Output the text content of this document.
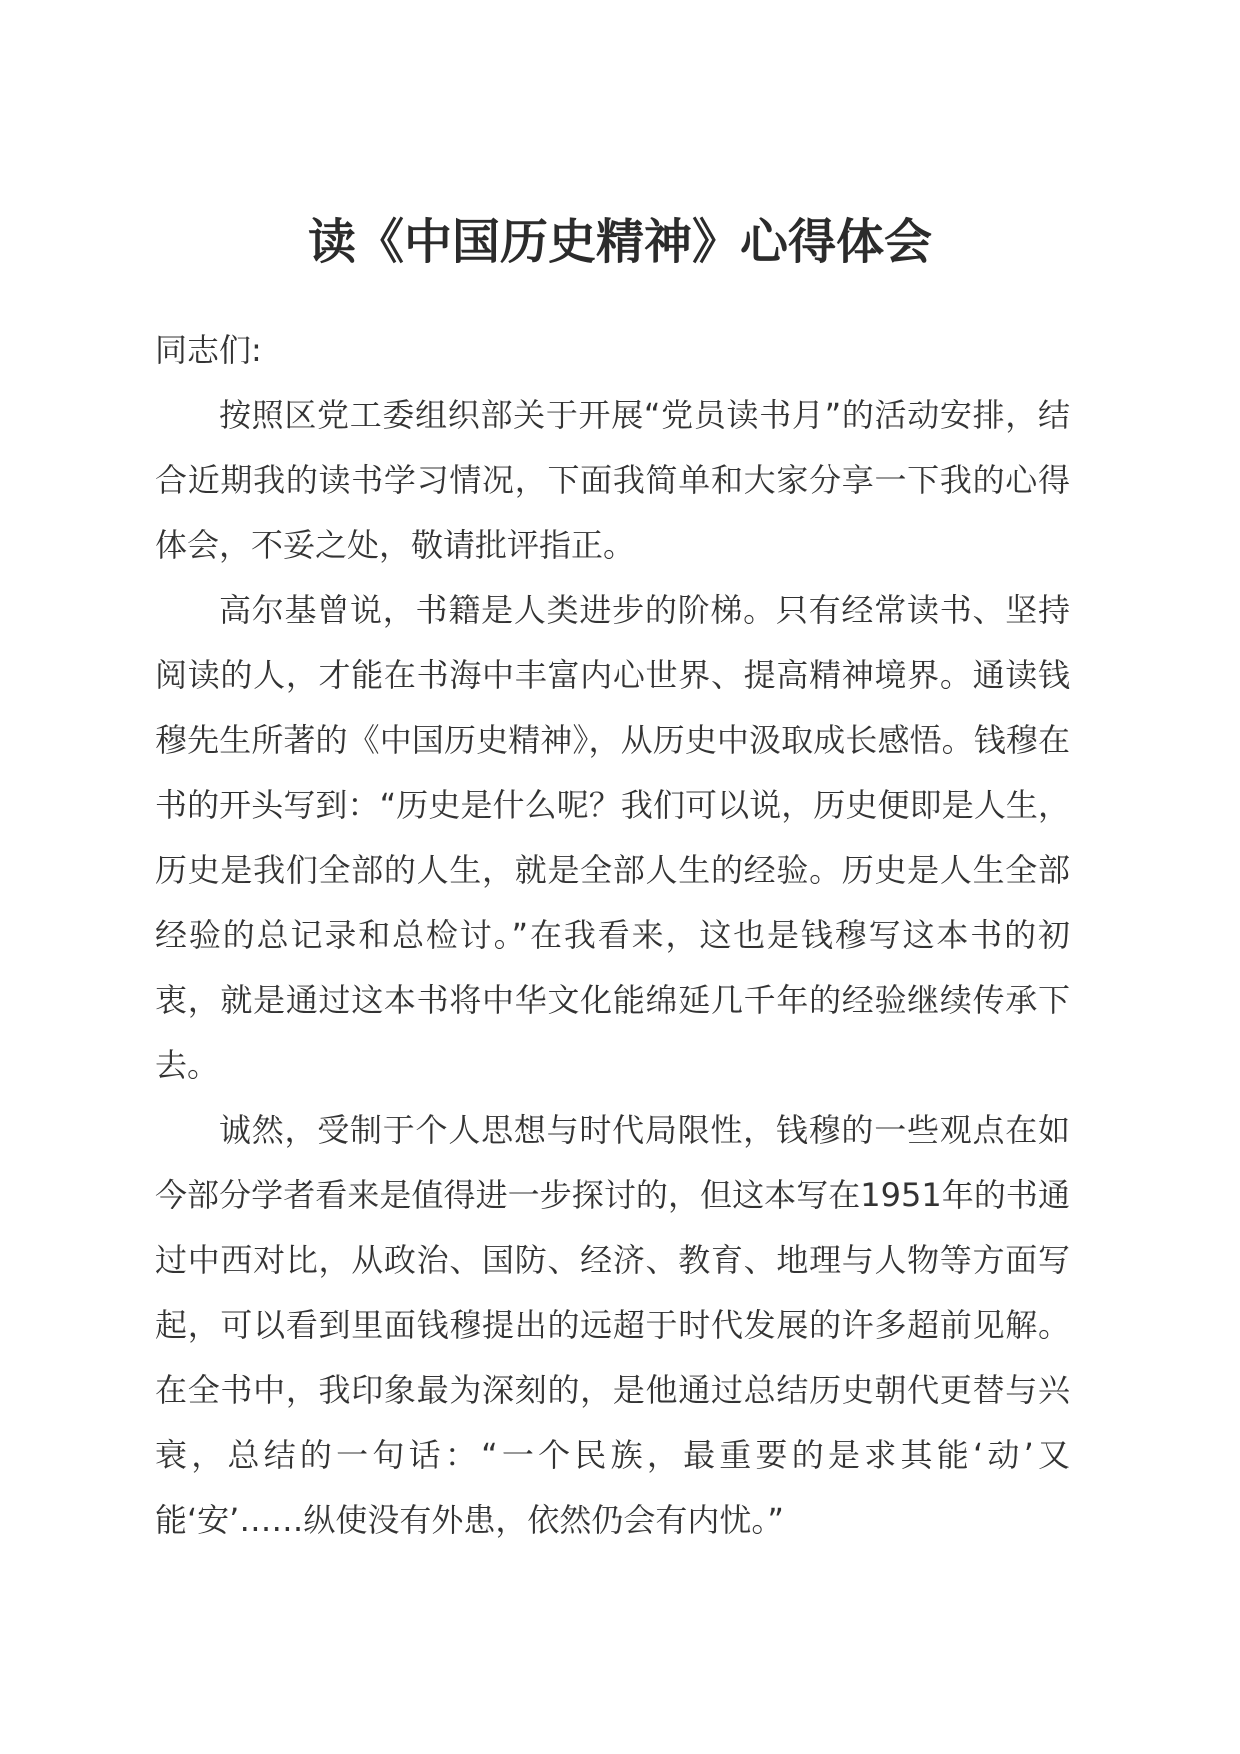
读《中国历史精神》心得体会

同志们:

按照区党工委组织部关于开展“党员读书月”的活动安排，结合近期我的读书学习情况，下面我简单和大家分享一下我的心得体会，不妥之处，敬请批评指正。

高尔基曾说，书籍是人类进步的阶梯。只有经常读书、坚持阅读的人，才能在书海中丰富内心世界、提高精神境界。通读钱穆先生所著的《中国历史精神》，从历史中汲取成长感悟。钱穆在书的开头写到：“历史是什么呢？我们可以说，历史便即是人生，历史是我们全部的人生，就是全部人生的经验。历史是人生全部经验的总记录和总检讨。”在我看来，这也是钱穆写这本书的初衷，就是通过这本书将中华文化能绵延几千年的经验继续传承下去。

诚然，受制于个人思想与时代局限性，钱穆的一些观点在如今部分学者看来是值得进一步探讨的，但这本写在1951年的书通过中西对比，从政治、国防、经济、教育、地理与人物等方面写起，可以看到里面钱穆提出的远超于时代发展的许多超前见解。在全书中，我印象最为深刻的，是他通过总结历史朝代更替与兴衰，总结的一句话：“一个民族，最重要的是求其能‘动’又能‘安’……纵使没有外患，依然仍会有内忧。”
